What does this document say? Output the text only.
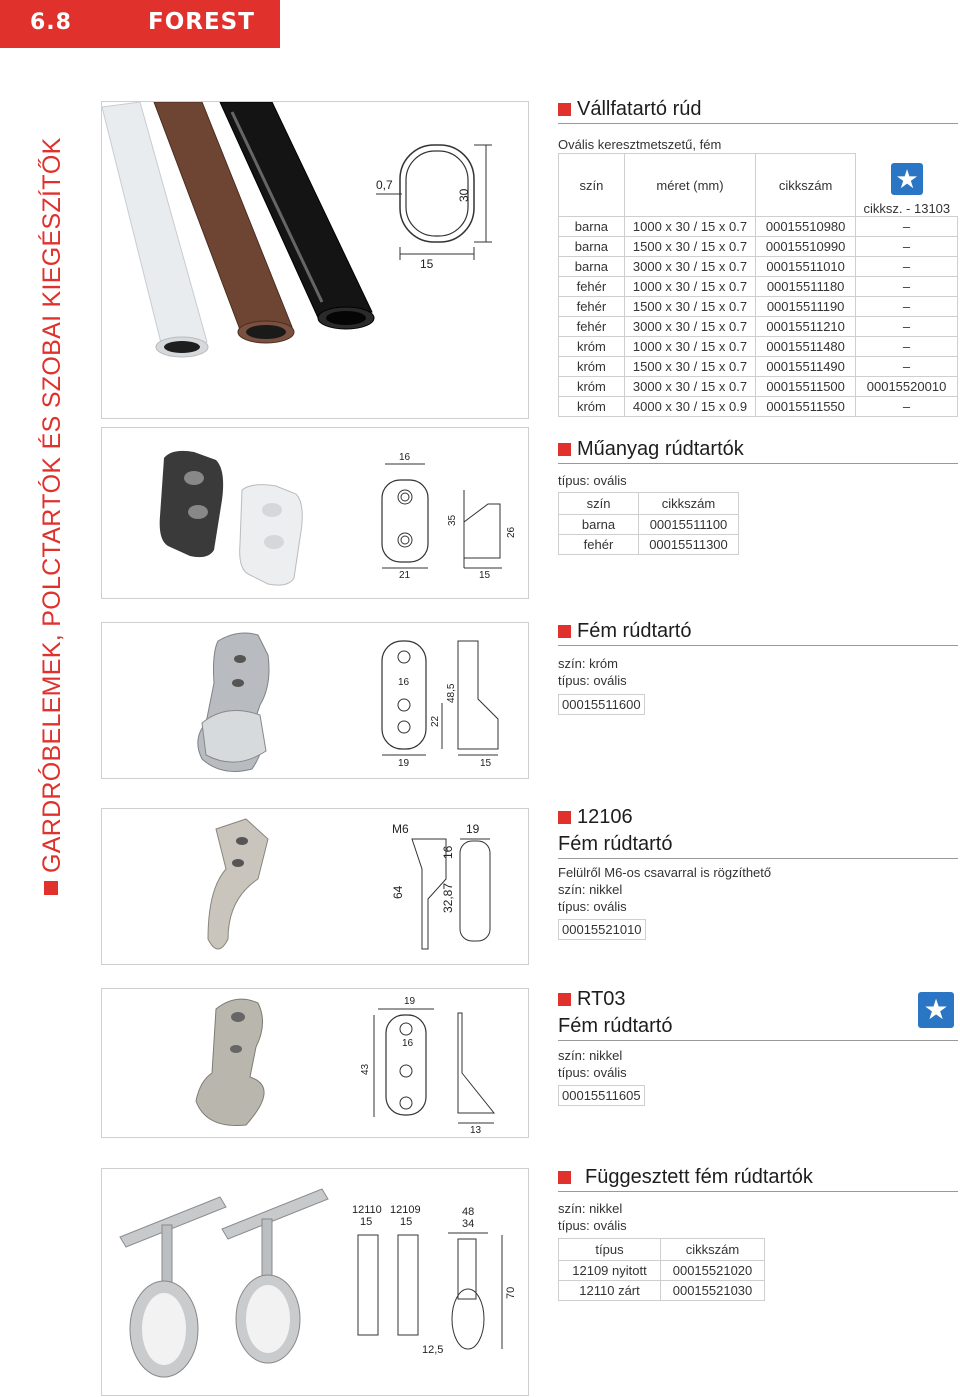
6.8	FOREST
GARDRÓBELEMEK, POLCTARTÓK ÉS SZOBAI KIEGÉSZÍTŐK	0,7
30
15
16
21	15
35
26
16
19	15
22
48,5
M6	19
64	32,87
16
19
16
43
13
12110 12109	48
15	15	34
70
12,5
Vállfatartó rúd
Ovális keresztmetszetű, fém
★
szín	méret (mm)	cikkszám	cikksz. - 13103
barna	1000 x 30 / 15 x 0.7	00015510980	–
barna	1500 x 30 / 15 x 0.7	00015510990	–
barna	3000 x 30 / 15 x 0.7	00015511010	–
fehér	1000 x 30 / 15 x 0.7	00015511180	–
fehér	1500 x 30 / 15 x 0.7	00015511190	–
fehér	3000 x 30 / 15 x 0.7	00015511210	–
króm	1000 x 30 / 15 x 0.7	00015511480	–
króm	1500 x 30 / 15 x 0.7	00015511490	–
króm	3000 x 30 / 15 x 0.7	00015511500	00015520010
króm	4000 x 30 / 15 x 0.9	00015511550	–
Műanyag rúdtartók
típus: ovális
szín	cikkszám
barna	00015511100
fehér	00015511300
Fém rúdtartó
szín: króm
típus: ovális
00015511600
12106
Fém rúdtartó
Felülről M6-os csavarral is rögzíthető
szín: nikkel
típus: ovális
00015521010
RT03
Fém rúdtartó
szín: nikkel
típus: ovális
00015511605
★
Függesztett fém rúdtartók
szín: nikkel
típus: ovális
típus	cikkszám
12109 nyitott	00015521020
12110 zárt	00015521030
